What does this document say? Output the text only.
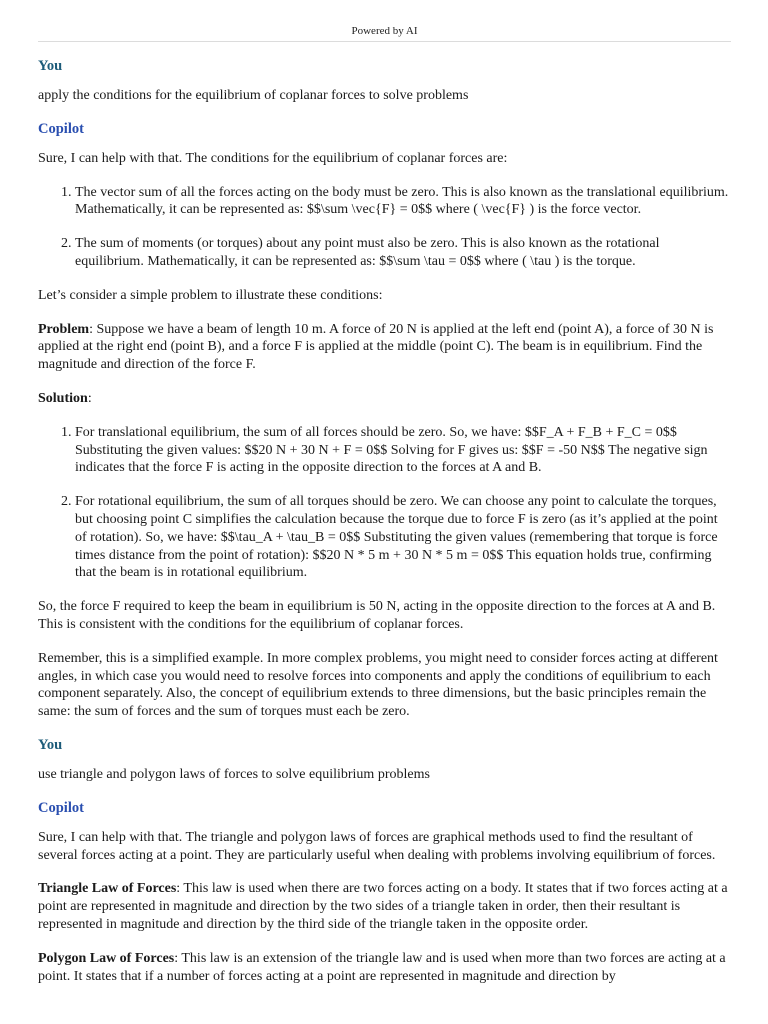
Powered by AI
You

apply the conditions for the equilibrium of coplanar forces to solve problems

Copilot

Sure, I can help with that. The conditions for the equilibrium of coplanar forces are:

1. The vector sum of all the forces acting on the body must be zero. This is also known as the translational equilibrium. Mathematically, it can be represented as: $$\sum \vec{F} = 0$$ where ( \vec{F} ) is the force vector.
2. The sum of moments (or torques) about any point must also be zero. This is also known as the rotational equilibrium. Mathematically, it can be represented as: $$\sum \tau = 0$$ where ( \tau ) is the torque.

Let’s consider a simple problem to illustrate these conditions:

Problem: Suppose we have a beam of length 10 m. A force of 20 N is applied at the left end (point A), a force of 30 N is applied at the right end (point B), and a force F is applied at the middle (point C). The beam is in equilibrium. Find the magnitude and direction of the force F.

Solution:

1. For translational equilibrium, the sum of all forces should be zero. So, we have: $$F_A + F_B + F_C = 0$$ Substituting the given values: $$20 N + 30 N + F = 0$$ Solving for F gives us: $$F = -50 N$$ The negative sign indicates that the force F is acting in the opposite direction to the forces at A and B.
2. For rotational equilibrium, the sum of all torques should be zero. We can choose any point to calculate the torques, but choosing point C simplifies the calculation because the torque due to force F is zero (as it’s applied at the point of rotation). So, we have: $$\tau_A + \tau_B = 0$$ Substituting the given values (remembering that torque is force times distance from the point of rotation): $$20 N * 5 m + 30 N * 5 m = 0$$ This equation holds true, confirming that the beam is in rotational equilibrium.

So, the force F required to keep the beam in equilibrium is 50 N, acting in the opposite direction to the forces at A and B. This is consistent with the conditions for the equilibrium of coplanar forces.

Remember, this is a simplified example. In more complex problems, you might need to consider forces acting at different angles, in which case you would need to resolve forces into components and apply the conditions of equilibrium to each component separately. Also, the concept of equilibrium extends to three dimensions, but the basic principles remain the same: the sum of forces and the sum of torques must each be zero.

You

use triangle and polygon laws of forces to solve equilibrium problems

Copilot

Sure, I can help with that. The triangle and polygon laws of forces are graphical methods used to find the resultant of several forces acting at a point. They are particularly useful when dealing with problems involving equilibrium of forces.

Triangle Law of Forces: This law is used when there are two forces acting on a body. It states that if two forces acting at a point are represented in magnitude and direction by the two sides of a triangle taken in order, then their resultant is represented in magnitude and direction by the third side of the triangle taken in the opposite order.

Polygon Law of Forces: This law is an extension of the triangle law and is used when more than two forces are acting at a point. It states that if a number of forces acting at a point are represented in magnitude and direction by
